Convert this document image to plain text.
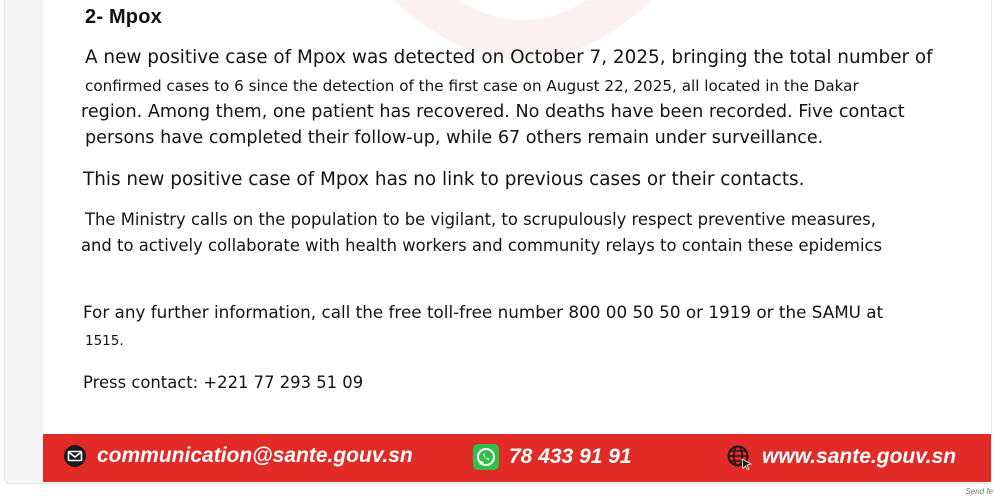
2- Mpox
A new positive case of Mpox was detected on October 7, 2025, bringing the total number of
confirmed cases to 6 since the detection of the first case on August 22, 2025, all located in the Dakar
region. Among them, one patient has recovered. No deaths have been recorded. Five contact
persons have completed their follow-up, while 67 others remain under surveillance.
This new positive case of Mpox has no link to previous cases or their contacts.
The Ministry calls on the population to be vigilant, to scrupulously respect preventive measures,
and to actively collaborate with health workers and community relays to contain these epidemics
For any further information, call the free toll-free number 800 00 50 50 or 1919 or the SAMU at
1515.
Press contact: +221 77 293 51 09
communication@sante.gouv.sn	78 433 91 91	www.sante.gouv.sn
Send fe
